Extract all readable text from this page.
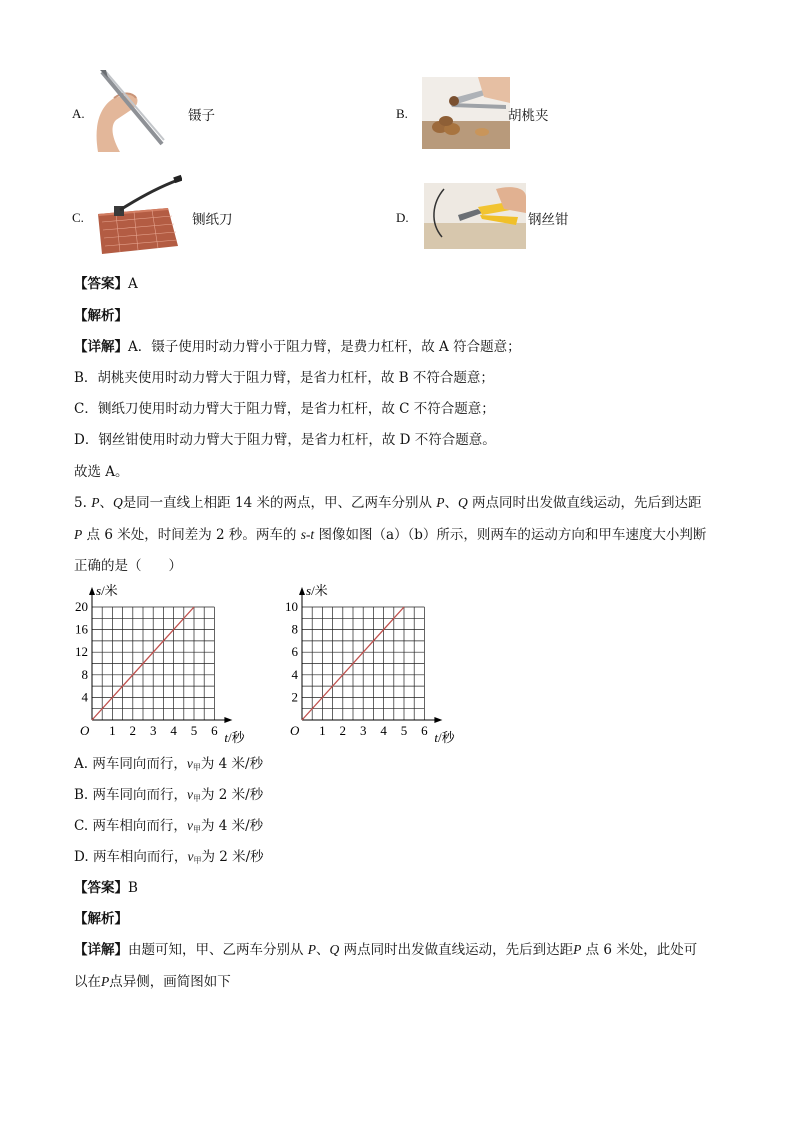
A.	镊子	B.	胡桃夹
C.	铡纸刀	D.	钢丝钳
【答案】A
【解析】
【详解】A．镊子使用时动力臂小于阻力臂，是费力杠杆，故 A 符合题意；
B．胡桃夹使用时动力臂大于阻力臂，是省力杠杆，故 B 不符合题意；
C．铡纸刀使用时动力臂大于阻力臂，是省力杠杆，故 C 不符合题意；
D．钢丝钳使用时动力臂大于阻力臂，是省力杠杆，故 D 不符合题意。
故选 A。
5. P、Q是同一直线上相距 14 米的两点，甲、乙两车分别从 P、Q 两点同时出发做直线运动，先后到达距
P 点 6 米处，时间差为 2 秒。两车的 s-t 图像如图（a）（b）所示，则两车的运动方向和甲车速度大小判断
正确的是（　　）
1 2 3 4 5 6
4
8
12
16
20
O
s/米
t/秒	1 2 3 4 5 6
2
4
6
8
10
O
s/米
t/秒
A. 两车同向而行，$v_甲$为 4 米/秒
B. 两车同向而行，$v_甲$为 2 米/秒
C. 两车相向而行，$v_甲$为 4 米/秒
D. 两车相向而行，$v_甲$为 2 米/秒
【答案】B
【解析】
【详解】由题可知，甲、乙两车分别从 P、Q 两点同时出发做直线运动，先后到达距P 点 6 米处，此处可
以在P点异侧，画简图如下
